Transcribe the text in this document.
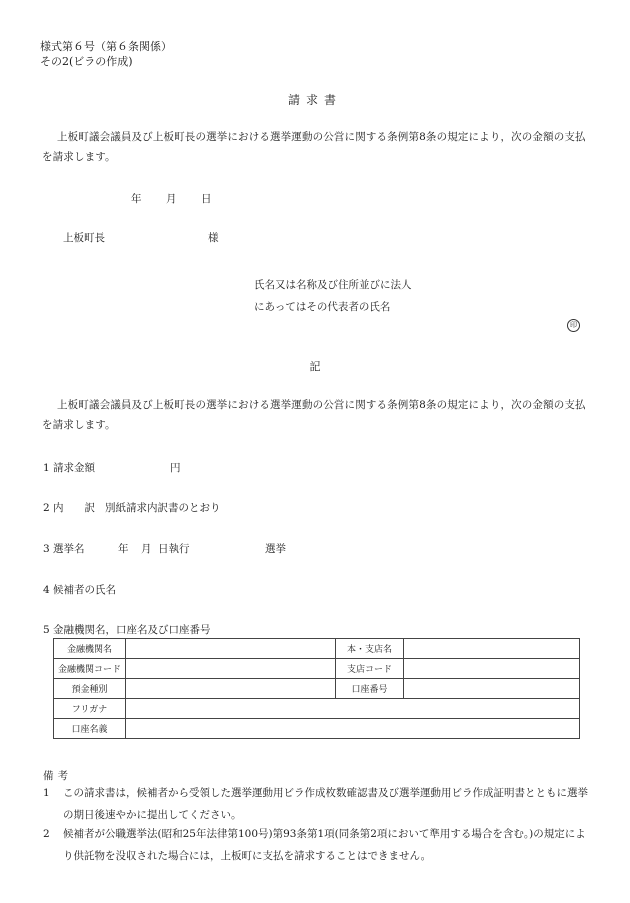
様式第６号（第６条関係）
その2(ビラの作成)
請求書
上板町議会議員及び上板町長の選挙における選挙運動の公営に関する条例第8条の規定により，次の金額の支払を請求します。
年 月 日
上板町長	様
氏名又は名称及び住所並びに法人
にあってはその代表者の氏名
印
記
上板町議会議員及び上板町長の選挙における選挙運動の公営に関する条例第8条の規定により，次の金額の支払を請求します。
1 請求金額	円
2 内　　訳 別紙請求内訳書のとおり
3 選挙名	年 月 日執行	選挙
4 候補者の氏名
5 金融機関名，口座名及び口座番号
金融機関名		本・支店名	
金融機関コード		支店コード	
預金種別		口座番号	
フリガナ			
口座名義			
備考
1 この請求書は，候補者から受領した選挙運動用ビラ作成枚数確認書及び選挙運動用ビラ作成証明書とともに選挙の期日後速やかに提出してください。
2 候補者が公職選挙法(昭和25年法律第100号)第93条第1項(同条第2項において準用する場合を含む。)の規定により供託物を没収された場合には，上板町に支払を請求することはできません。
